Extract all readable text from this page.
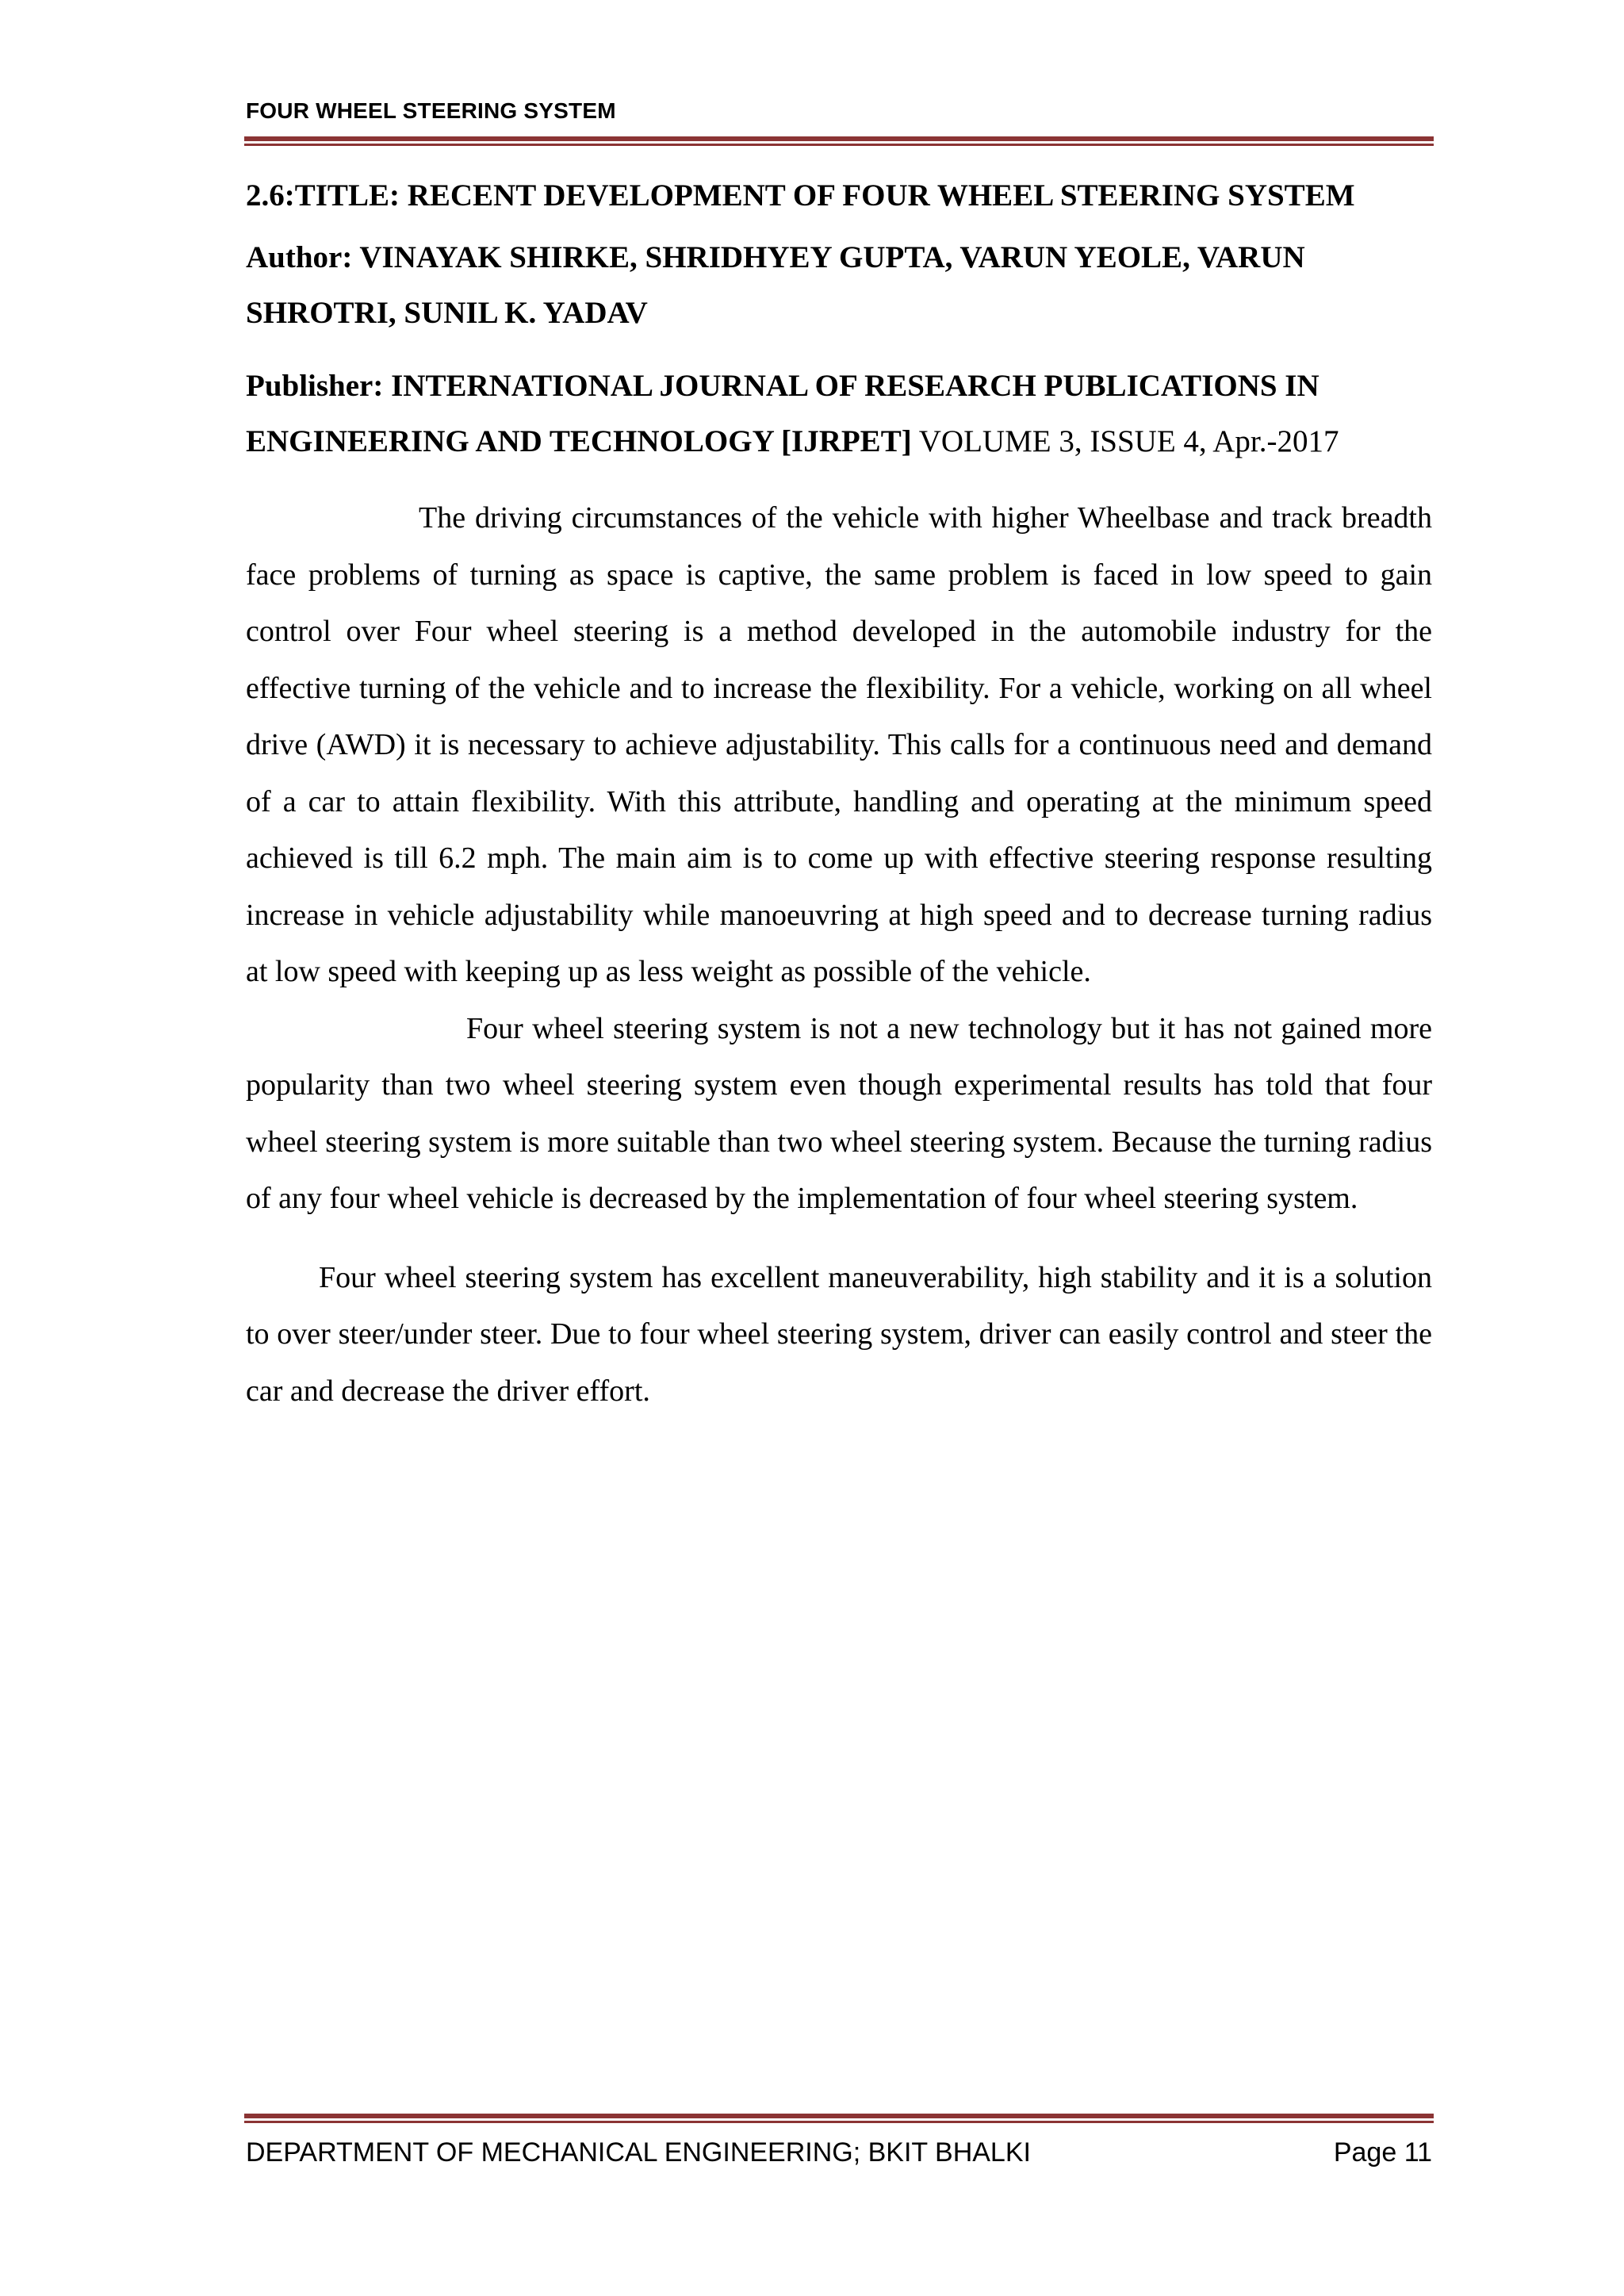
FOUR WHEEL STEERING SYSTEM

2.6:TITLE: RECENT DEVELOPMENT OF FOUR WHEEL STEERING SYSTEM

Author: VINAYAK SHIRKE, SHRIDHYEY GUPTA, VARUN YEOLE, VARUN SHROTRI, SUNIL K. YADAV

Publisher: INTERNATIONAL JOURNAL OF RESEARCH PUBLICATIONS IN ENGINEERING AND TECHNOLOGY [IJRPET] VOLUME 3, ISSUE 4, Apr.-2017

The driving circumstances of the vehicle with higher Wheelbase and track breadth face problems of turning as space is captive, the same problem is faced in low speed to gain control over Four wheel steering is a method developed in the automobile industry for the effective turning of the vehicle and to increase the flexibility. For a vehicle, working on all wheel drive (AWD) it is necessary to achieve adjustability. This calls for a continuous need and demand of a car to attain flexibility. With this attribute, handling and operating at the minimum speed achieved is till 6.2 mph. The main aim is to come up with effective steering response resulting increase in vehicle adjustability while manoeuvring at high speed and to decrease turning radius at low speed with keeping up as less weight as possible of the vehicle.

Four wheel steering system is not a new technology but it has not gained more popularity than two wheel steering system even though experimental results has told that four wheel steering system is more suitable than two wheel steering system. Because the turning radius of any four wheel vehicle is decreased by the implementation of four wheel steering system.

Four wheel steering system has excellent maneuverability, high stability and it is a solution to over steer/under steer. Due to four wheel steering system, driver can easily control and steer the car and decrease the driver effort.

DEPARTMENT OF MECHANICAL ENGINEERING; BKIT BHALKI	Page 11
